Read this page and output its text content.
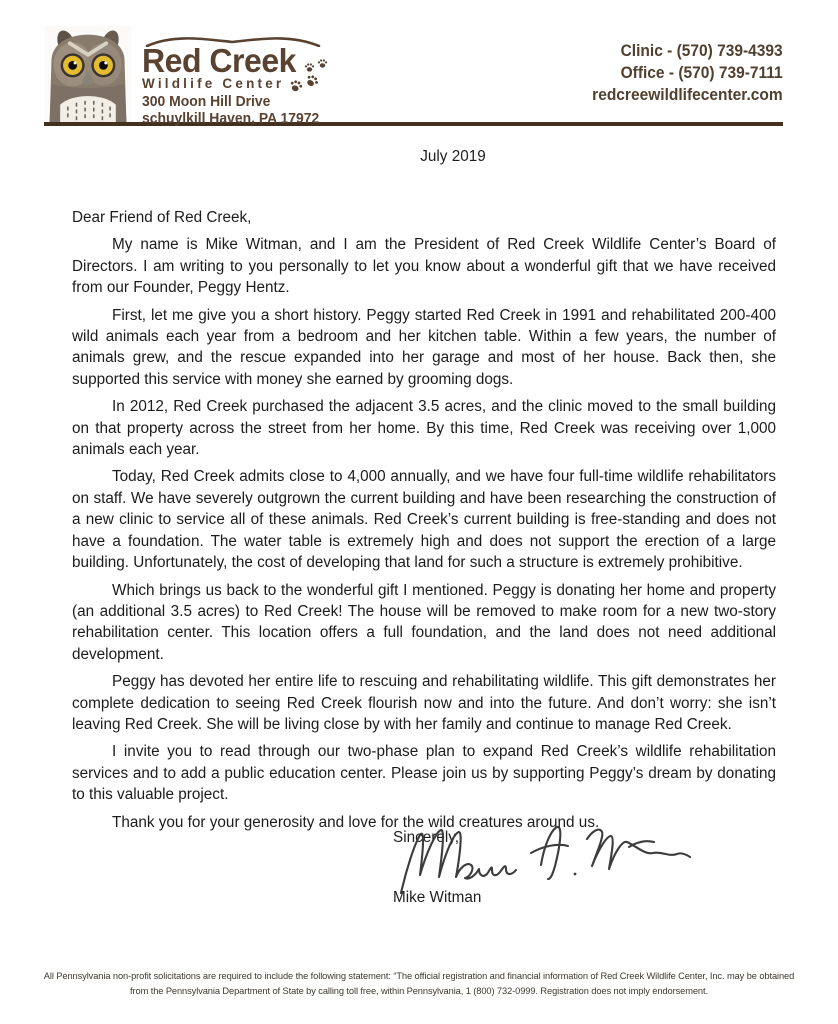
Red Creek
Wildlife Center
300 Moon Hill Drive
schuylkill Haven, PA 17972
Clinic - (570) 739-4393
Office - (570) 739-7111
redcreewildlifecenter.com
July 2019

Dear Friend of Red Creek,

My name is Mike Witman, and I am the President of Red Creek Wildlife Center’s Board of Directors. I am writing to you personally to let you know about a wonderful gift that we have received from our Founder, Peggy Hentz.

First, let me give you a short history. Peggy started Red Creek in 1991 and rehabilitated 200-400 wild animals each year from a bedroom and her kitchen table. Within a few years, the number of animals grew, and the rescue expanded into her garage and most of her house. Back then, she supported this service with money she earned by grooming dogs.

In 2012, Red Creek purchased the adjacent 3.5 acres, and the clinic moved to the small building on that property across the street from her home. By this time, Red Creek was receiving over 1,000 animals each year.

Today, Red Creek admits close to 4,000 annually, and we have four full-time wildlife rehabilitators on staff. We have severely outgrown the current building and have been researching the construction of a new clinic to service all of these animals. Red Creek’s current building is free-standing and does not have a foundation. The water table is extremely high and does not support the erection of a large building. Unfortunately, the cost of developing that land for such a structure is extremely prohibitive.

Which brings us back to the wonderful gift I mentioned. Peggy is donating her home and property (an additional 3.5 acres) to Red Creek! The house will be removed to make room for a new two-story rehabilitation center. This location offers a full foundation, and the land does not need additional development.

Peggy has devoted her entire life to rescuing and rehabilitating wildlife. This gift demonstrates her complete dedication to seeing Red Creek flourish now and into the future. And don’t worry: she isn’t leaving Red Creek. She will be living close by with her family and continue to manage Red Creek.

I invite you to read through our two-phase plan to expand Red Creek’s wildlife rehabilitation services and to add a public education center. Please join us by supporting Peggy’s dream by donating to this valuable project.

Thank you for your generosity and love for the wild creatures around us.

Sincerely,
Mike Witman
All Pennsylvania non-profit solicitations are required to include the following statement: “The official registration and financial information of Red Creek Wildlife Center, Inc. may be obtained
from the Pennsylvania Department of State by calling toll free, within Pennsylvania, 1 (800) 732-0999. Registration does not imply endorsement.
